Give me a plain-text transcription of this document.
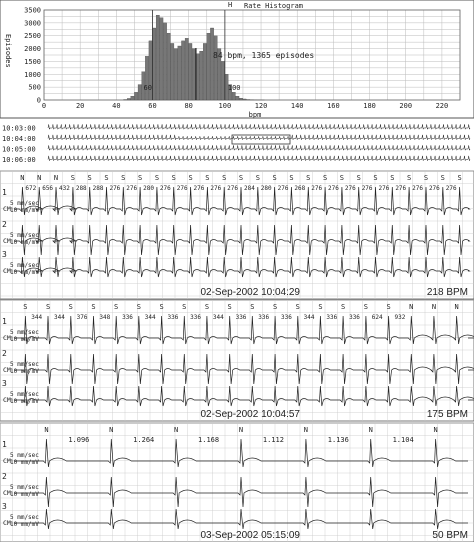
H Rate Histogram
Episodes
0
500
1000
1500
2000
2500
3000
3500
0	20	40	60	80	100	120	140	160	180	200	220
60	100
bpm
84 bpm, 1365 episodes
10:03:00
10:04:00
10:05:00
10:06:00
N N N S S S S S S S S S S S S S S S S S S S S S S S S
672 656 432 288 288 276 276 280 276 276 276 276 276 284 280 276 268 276 276 276 276 276 276 276 276 276
1
CM
5 mm/sec
10 mm/mV
2
CM
5 mm/sec
10 mm/mV
3
CM
5 mm/sec
10 mm/mV
02-Sep-2002 10:04:29	218 BPM
S	S	S	S	S	S	S	S	S	S	S	S	S	S	S	S	S	N	N	N
344 344 376 348 336 344 336 336 344 336 336 336 344 336 336 624 932
1
CM
5 mm/sec
10 mm/mV
2
CM
5 mm/sec
10 mm/mV
3
CM
5 mm/sec
10 mm/mV
02-Sep-2002 10:04:57	175 BPM
N	N	N	N	N	N	N
1.096	1.264	1.168	1.112	1.136	1.104
1
CM
5 mm/sec
10 mm/mV
2
CM
5 mm/sec
10 mm/mV
3
CM
5 mm/sec
10 mm/mV
03-Sep-2002 05:15:09	50 BPM
